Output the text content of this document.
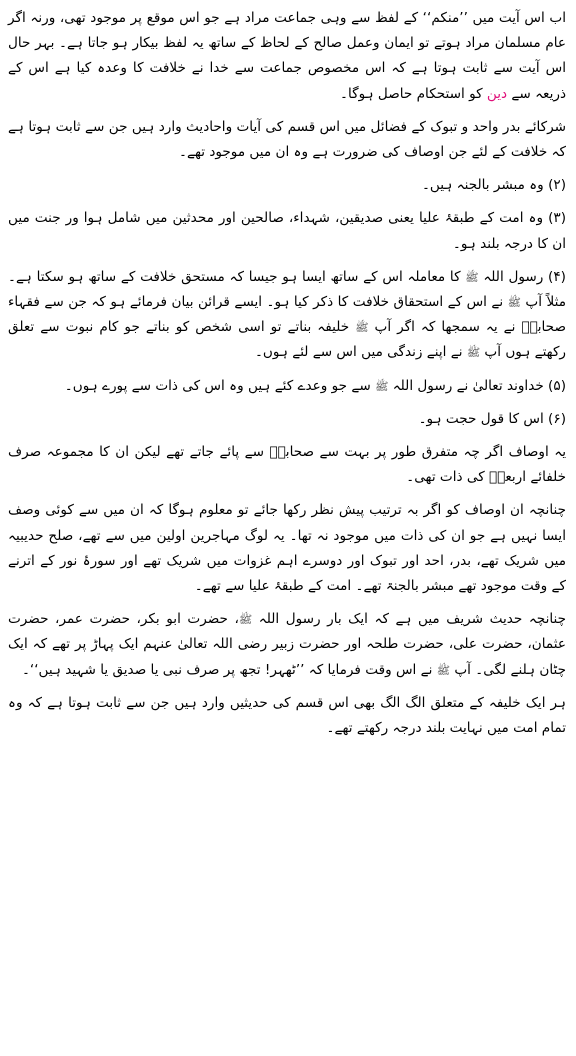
اب اس آیت میں ’’منکم‘‘ کے لفظ سے وہی جماعت مراد ہے جو اس موقع پر موجود تھی، ورنہ اگر عام مسلمان مراد ہوتے تو ایمان وعمل صالح کے لحاظ کے ساتھ یہ لفظ بیکار ہو جاتا ہے۔ بہر حال اس آیت سے ثابت ہوتا ہے کہ اس مخصوص جماعت سے خدا نے خلافت کا وعدہ کیا ہے اس کے ذریعہ سے دین کو استحکام حاصل ہوگا۔

شرکائے بدر واحد و تبوک کے فضائل میں اس قسم کی آیات واحادیث وارد ہیں جن سے ثابت ہوتا ہے کہ خلافت کے لئے جن اوصاف کی ضرورت ہے وہ ان میں موجود تھے۔

(۲) وہ مبشر بالجنہ ہیں۔

(۳) وہ امت کے طبقۂ علیا یعنی صدیقین، شہداء، صالحین اور محدثین میں شامل ہوا ور جنت میں ان کا درجہ بلند ہو۔

(۴) رسول اللہ ﷺ کا معاملہ اس کے ساتھ ایسا ہو جیسا کہ مستحق خلافت کے ساتھ ہو سکتا ہے۔ مثلاً آپ ﷺ نے اس کے استحقاق خلافت کا ذکر کیا ہو۔ ایسے قرائن بیان فرمائے ہو کہ جن سے فقہاء صحابہؓ نے یہ سمجھا کہ اگر آپ ﷺ خلیفہ بناتے تو اسی شخص کو بناتے جو کام نبوت سے تعلق رکھتے ہوں آپ ﷺ نے اپنے زندگی میں اس سے لئے ہوں۔

(۵) خداوند تعالیٰ نے رسول اللہ ﷺ سے جو وعدے کئے ہیں وہ اس کی ذات سے پورے ہوں۔

(۶) اس کا قول حجت ہو۔

یہ اوصاف اگر چہ متفرق طور پر بہت سے صحابہؓ سے پائے جاتے تھے لیکن ان کا مجموعہ صرف خلفائے اربعہؓ کی ذات تھی۔

چنانچہ ان اوصاف کو اگر بہ ترتیب پیش نظر رکھا جائے تو معلوم ہوگا کہ ان میں سے کوئی وصف ایسا نہیں ہے جو ان کی ذات میں موجود نہ تھا۔ یہ لوگ مہاجرین اولین میں سے تھے، صلح حدیبیہ میں شریک تھے، بدر، احد اور تبوک اور دوسرے اہم غزوات میں شریک تھے اور سورۂ نور کے اترنے کے وقت موجود تھے مبشر بالجنۃ تھے۔ امت کے طبقۂ علیا سے تھے۔

چنانچہ حدیث شریف میں ہے کہ ایک بار رسول اللہ ﷺ، حضرت ابو بکر، حضرت عمر، حضرت عثمان، حضرت علی، حضرت طلحہ اور حضرت زبیر رضی اللہ تعالیٰ عنہم ایک پہاڑ پر تھے کہ ایک چٹان ہلنے لگی۔ آپ ﷺ نے اس وقت فرمایا کہ ’’ٹھہر! تجھ پر صرف نبی یا صدیق یا شہید ہیں‘‘۔

ہر ایک خلیفہ کے متعلق الگ الگ بھی اس قسم کی حدیثیں وارد ہیں جن سے ثابت ہوتا ہے کہ وہ تمام امت میں نہایت بلند درجہ رکھتے تھے۔
